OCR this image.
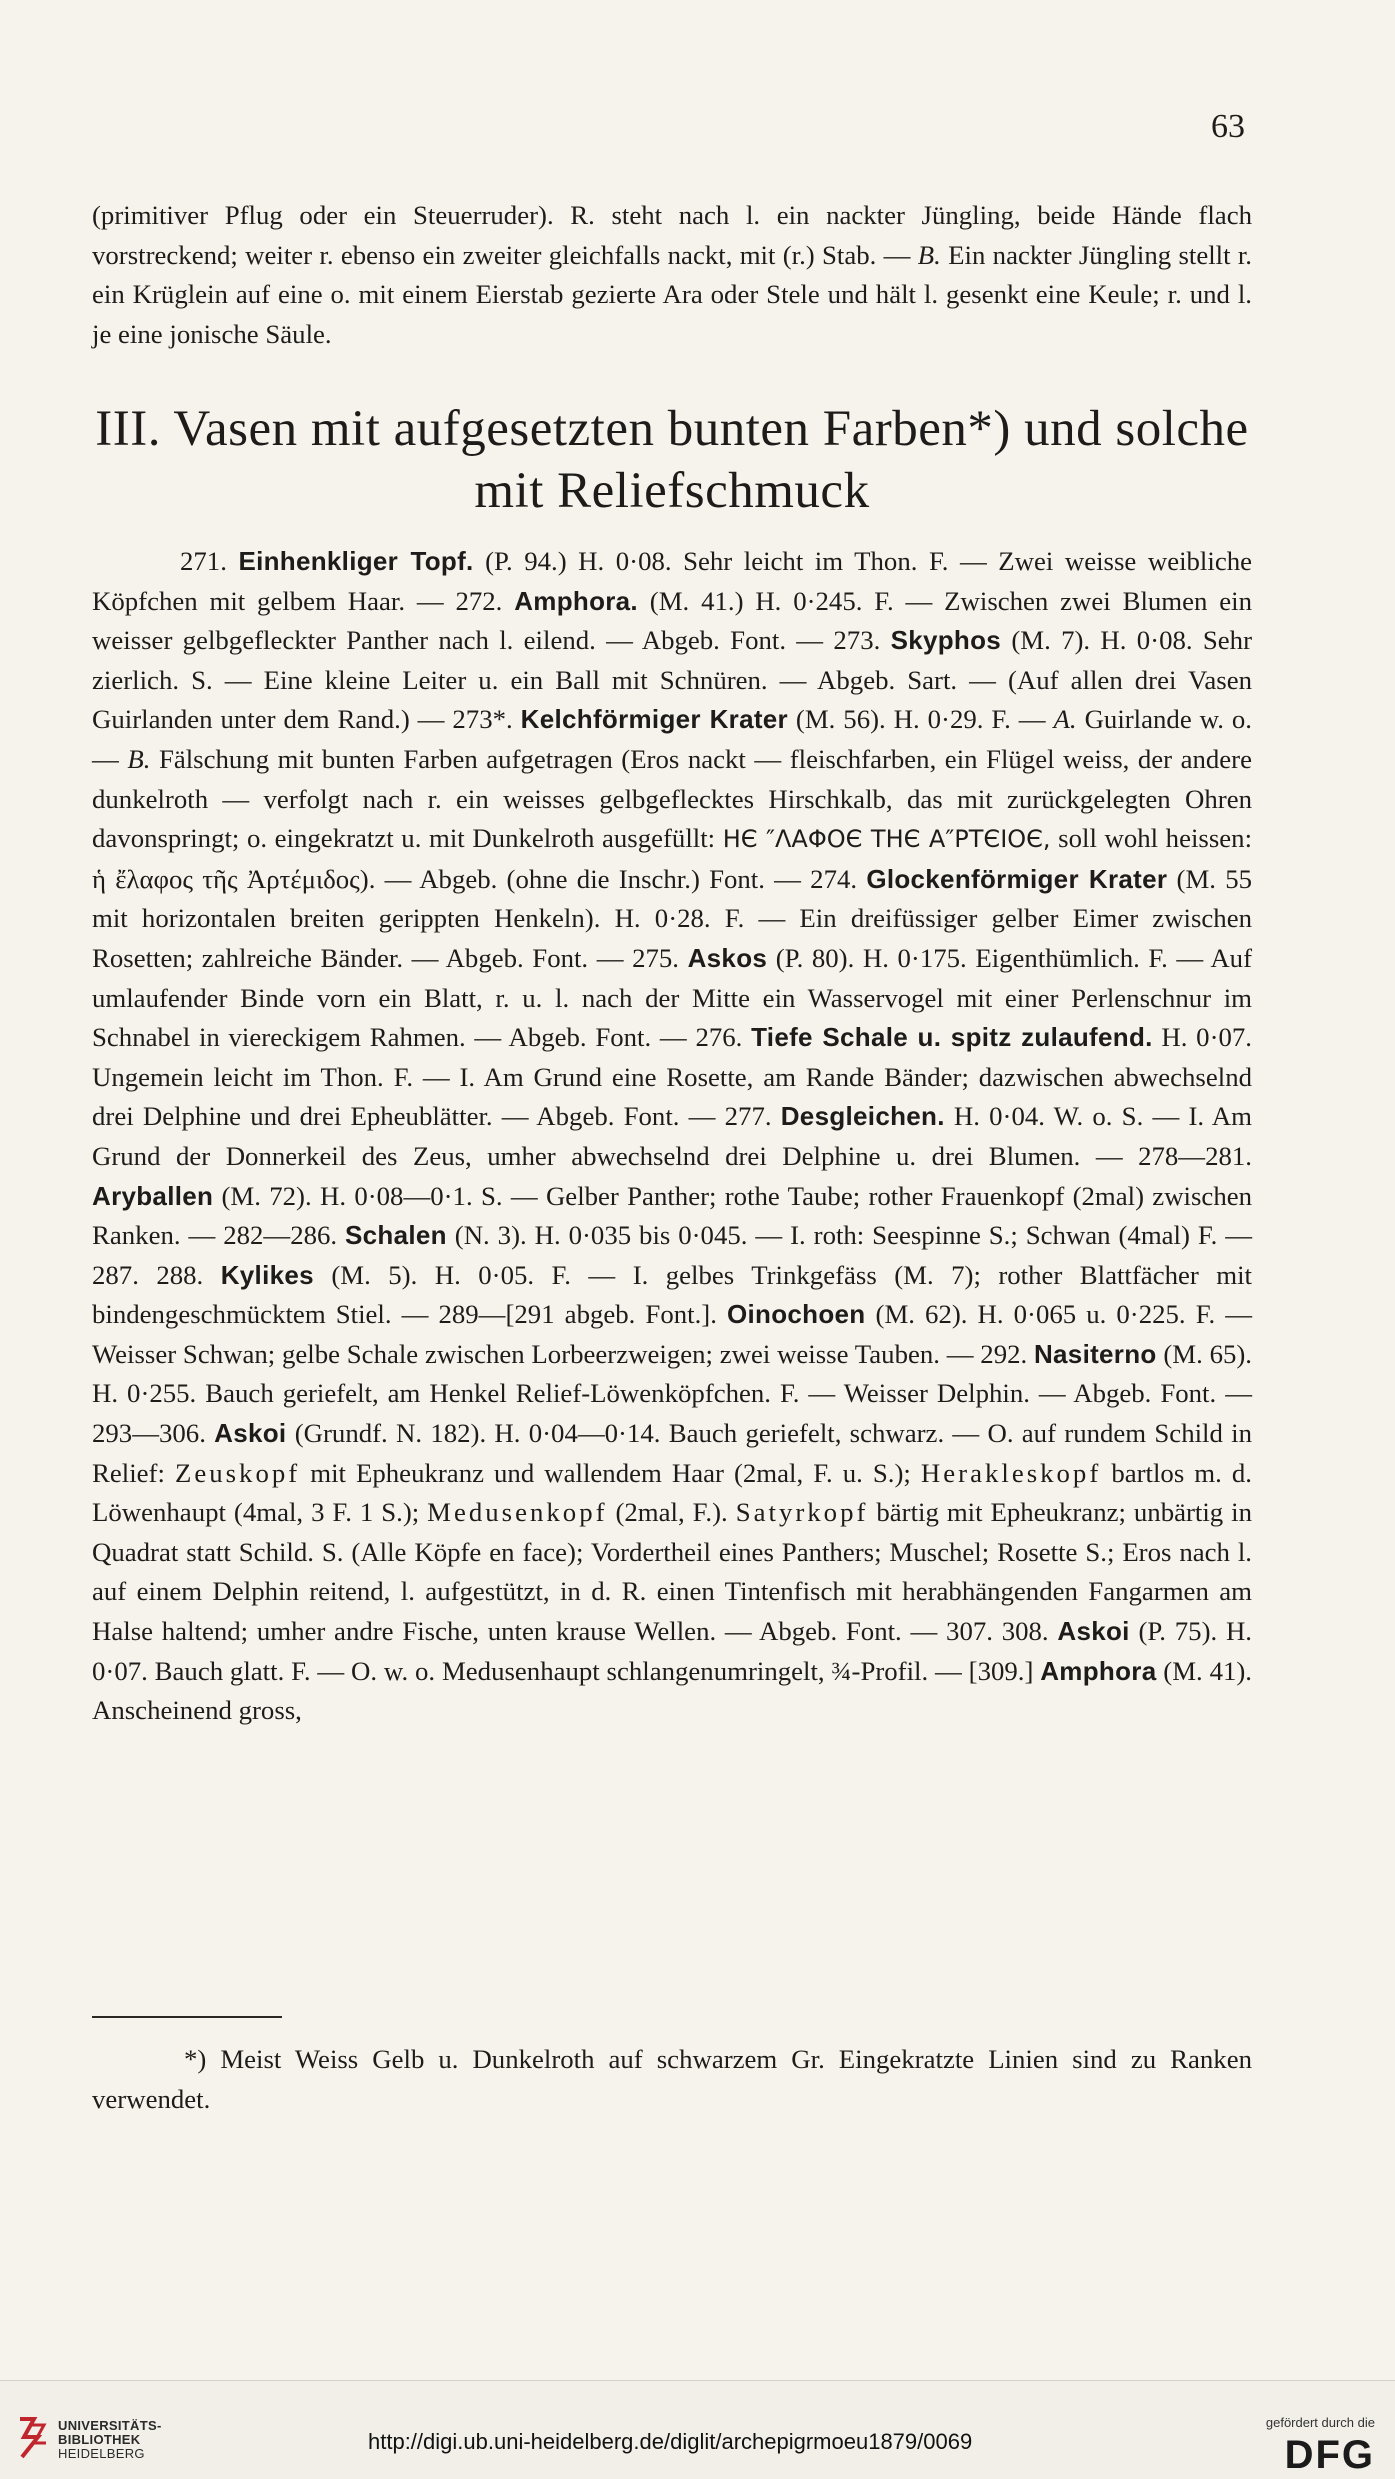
63

(primitiver Pflug oder ein Steuerruder). R. steht nach l. ein nackter Jüngling, beide Hände flach vorstreckend; weiter r. ebenso ein zweiter gleichfalls nackt, mit (r.) Stab. — B. Ein nackter Jüngling stellt r. ein Krüglein auf eine o. mit einem Eierstab gezierte Ara oder Stele und hält l. gesenkt eine Keule; r. und l. je eine jonische Säule.

III. Vasen mit aufgesetzten bunten Farben*) und solche
mit Reliefschmuck

271. Einhenkliger Topf. (P. 94.) H. 0·08. Sehr leicht im Thon. F. — Zwei weisse weibliche Köpfchen mit gelbem Haar. — 272. Amphora. (M. 41.) H. 0·245. F. — Zwischen zwei Blumen ein weisser gelbgefleckter Panther nach l. eilend. — Abgeb. Font. — 273. Skyphos (M. 7). H. 0·08. Sehr zierlich. S. — Eine kleine Leiter u. ein Ball mit Schnüren. — Abgeb. Sart. — (Auf allen drei Vasen Guirlanden unter dem Rand.) — 273*. Kelchförmiger Krater (M. 56). H. 0·29. F. — A. Guirlande w. o. — B. Fälschung mit bunten Farben aufgetragen (Eros nackt — fleischfarben, ein Flügel weiss, der andere dunkelroth — verfolgt nach r. ein weisses gelbgeflecktes Hirschkalb, das mit zurückgelegten Ohren davonspringt; o. eingekratzt u. mit Dunkelroth ausgefüllt: ΗЄ ″ΛΑΦΟЄ ΤΗЄ Α″ΡΤЄΙΟЄ, soll wohl heissen: ἡ ἔλαφος τῆς Ἀρτέμιδος). — Abgeb. (ohne die Inschr.) Font. — 274. Glockenförmiger Krater (M. 55 mit horizontalen breiten gerippten Henkeln). H. 0·28. F. — Ein dreifüssiger gelber Eimer zwischen Rosetten; zahlreiche Bänder. — Abgeb. Font. — 275. Askos (P. 80). H. 0·175. Eigenthümlich. F. — Auf umlaufender Binde vorn ein Blatt, r. u. l. nach der Mitte ein Wasservogel mit einer Perlenschnur im Schnabel in viereckigem Rahmen. — Abgeb. Font. — 276. Tiefe Schale u. spitz zulaufend. H. 0·07. Ungemein leicht im Thon. F. — I. Am Grund eine Rosette, am Rande Bänder; dazwischen abwechselnd drei Delphine und drei Epheublätter. — Abgeb. Font. — 277. Desgleichen. H. 0·04. W. o. S. — I. Am Grund der Donnerkeil des Zeus, umher abwechselnd drei Delphine u. drei Blumen. — 278—281. Aryballen (M. 72). H. 0·08—0·1. S. — Gelber Panther; rothe Taube; rother Frauenkopf (2mal) zwischen Ranken. — 282—286. Schalen (N. 3). H. 0·035 bis 0·045. — I. roth: Seespinne S.; Schwan (4mal) F. — 287. 288. Kylikes (M. 5). H. 0·05. F. — I. gelbes Trinkgefäss (M. 7); rother Blattfächer mit bindengeschmücktem Stiel. — 289—[291 abgeb. Font.]. Oinochoen (M. 62). H. 0·065 u. 0·225. F. — Weisser Schwan; gelbe Schale zwischen Lorbeerzweigen; zwei weisse Tauben. — 292. Nasiterno (M. 65). H. 0·255. Bauch geriefelt, am Henkel Relief-Löwenköpfchen. F. — Weisser Delphin. — Abgeb. Font. — 293—306. Askoi (Grundf. N. 182). H. 0·04—0·14. Bauch geriefelt, schwarz. — O. auf rundem Schild in Relief: Zeuskopf mit Epheukranz und wallendem Haar (2mal, F. u. S.); Herakleskopf bartlos m. d. Löwenhaupt (4mal, 3 F. 1 S.); Medusenkopf (2mal, F.). Satyrkopf bärtig mit Epheukranz; unbärtig in Quadrat statt Schild. S. (Alle Köpfe en face); Vordertheil eines Panthers; Muschel; Rosette S.; Eros nach l. auf einem Delphin reitend, l. aufgestützt, in d. R. einen Tintenfisch mit herabhängenden Fangarmen am Halse haltend; umher andre Fische, unten krause Wellen. — Abgeb. Font. — 307. 308. Askoi (P. 75). H. 0·07. Bauch glatt. F. — O. w. o. Medusenhaupt schlangenumringelt, ¾-Profil. — [309.] Amphora (M. 41). Anscheinend gross,

*) Meist Weiss Gelb u. Dunkelroth auf schwarzem Gr. Eingekratzte Linien sind zu Ranken verwendet.

UNIVERSITÄTS-
BIBLIOTHEK
HEIDELBERG	http://digi.ub.uni-heidelberg.de/diglit/archepigrmoeu1879/0069
gefördert durch die
DFG
